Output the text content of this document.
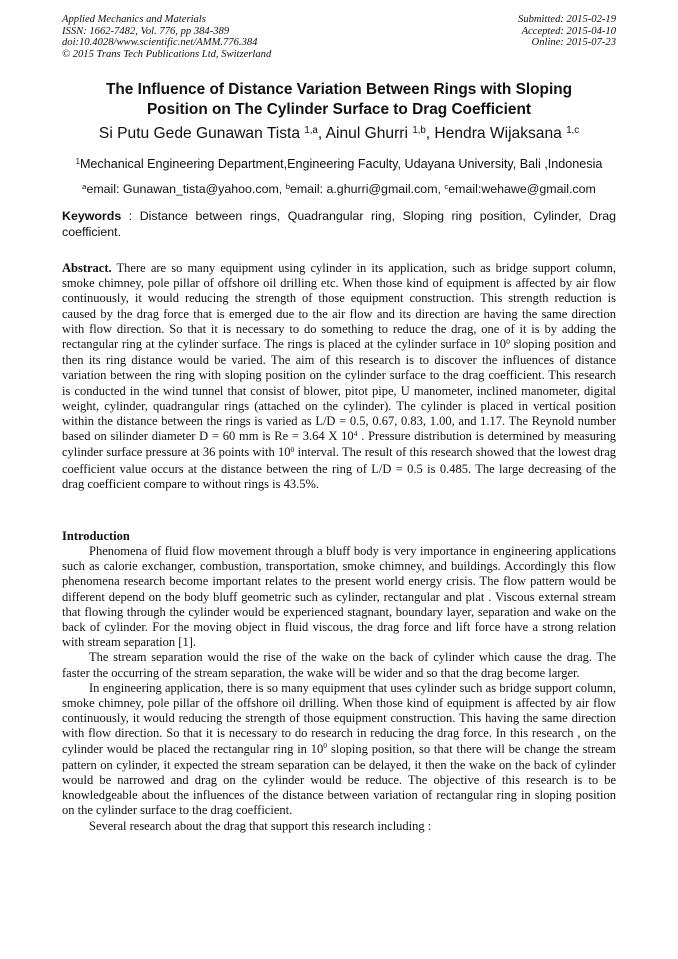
Applied Mechanics and Materials
ISSN: 1662-7482, Vol. 776, pp 384-389
doi:10.4028/www.scientific.net/AMM.776.384
© 2015 Trans Tech Publications Ltd, Switzerland
Submitted: 2015-02-19
Accepted: 2015-04-10
Online: 2015-07-23
The Influence of Distance Variation Between Rings with Sloping
Position on The Cylinder Surface to Drag Coefficient
Si Putu Gede Gunawan Tista $^{1,a}$, Ainul Ghurri $^{1,b}$, Hendra Wijaksana $^{1,c}$
$^1$Mechanical Engineering Department,Engineering Faculty, Udayana University, Bali ,Indonesia
$^a$email: Gunawan_tista@yahoo.com, $^b$email: a.ghurri@gmail.com, $^c$email:wehawe@gmail.com
Keywords : Distance between rings, Quadrangular ring, Sloping ring position, Cylinder, Drag coefficient.
Abstract. There are so many equipment using cylinder in its application, such as bridge support column, smoke chimney, pole pillar of offshore oil drilling etc. When those kind of equipment is affected by air flow continuously, it would reducing the strength of those equipment construction. This strength reduction is caused by the drag force that is emerged due to the air flow and its direction are having the same direction with flow direction. So that it is necessary to do something to reduce the drag, one of it is by adding the rectangular ring at the cylinder surface. The rings is placed at the cylinder surface in $10^0$ sloping position and then its ring distance would be varied. The aim of this research is to discover the influences of distance variation between the ring with sloping position on the cylinder surface to the drag coefficient. This research is conducted in the wind tunnel that consist of blower, pitot pipe, U manometer, inclined manometer, digital weight, cylinder, quadrangular rings (attached on the cylinder). The cylinder is placed in vertical position within the distance between the rings is varied as L/D = 0.5, 0.67, 0.83, 1.00, and 1.17. The Reynold number based on silinder diameter D = 60 mm is Re = 3.64 X $10^4$ . Pressure distribution is determined by measuring cylinder surface pressure at 36 points with $10^0$ interval. The result of this research showed that the lowest drag coefficient value occurs at the distance between the ring of L/D = 0.5 is 0.485. The large decreasing of the drag coefficient compare to without rings is 43.5%.
Introduction

Phenomena of fluid flow movement through a bluff body is very importance in engineering applications such as calorie exchanger, combustion, transportation, smoke chimney, and buildings. Accordingly this flow phenomena research become important relates to the present world energy crisis. The flow pattern would be different depend on the body bluff geometric such as cylinder, rectangular and plat . Viscous external stream that flowing through the cylinder would be experienced stagnant, boundary layer, separation and wake on the back of cylinder. For the moving object in fluid viscous, the drag force and lift force have a strong relation with stream separation [1].

The stream separation would the rise of the wake on the back of cylinder which cause the drag. The faster the occurring of the stream separation, the wake will be wider and so that the drag become larger.

In engineering application, there is so many equipment that uses cylinder such as bridge support column, smoke chimney, pole pillar of the offshore oil drilling. When those kind of equipment is affected by air flow continuously, it would reducing the strength of those equipment construction. This having the same direction with flow direction. So that it is necessary to do research in reducing the drag force. In this research , on the cylinder would be placed the rectangular ring in $10^0$ sloping position, so that there will be change the stream pattern on cylinder, it expected the stream separation can be delayed, it then the wake on the back of cylinder would be narrowed and drag on the cylinder would be reduce. The objective of this research is to be knowledgeable about the influences of the distance between variation of rectangular ring in sloping position on the cylinder surface to the drag coefficient.

Several research about the drag that support this research including :
